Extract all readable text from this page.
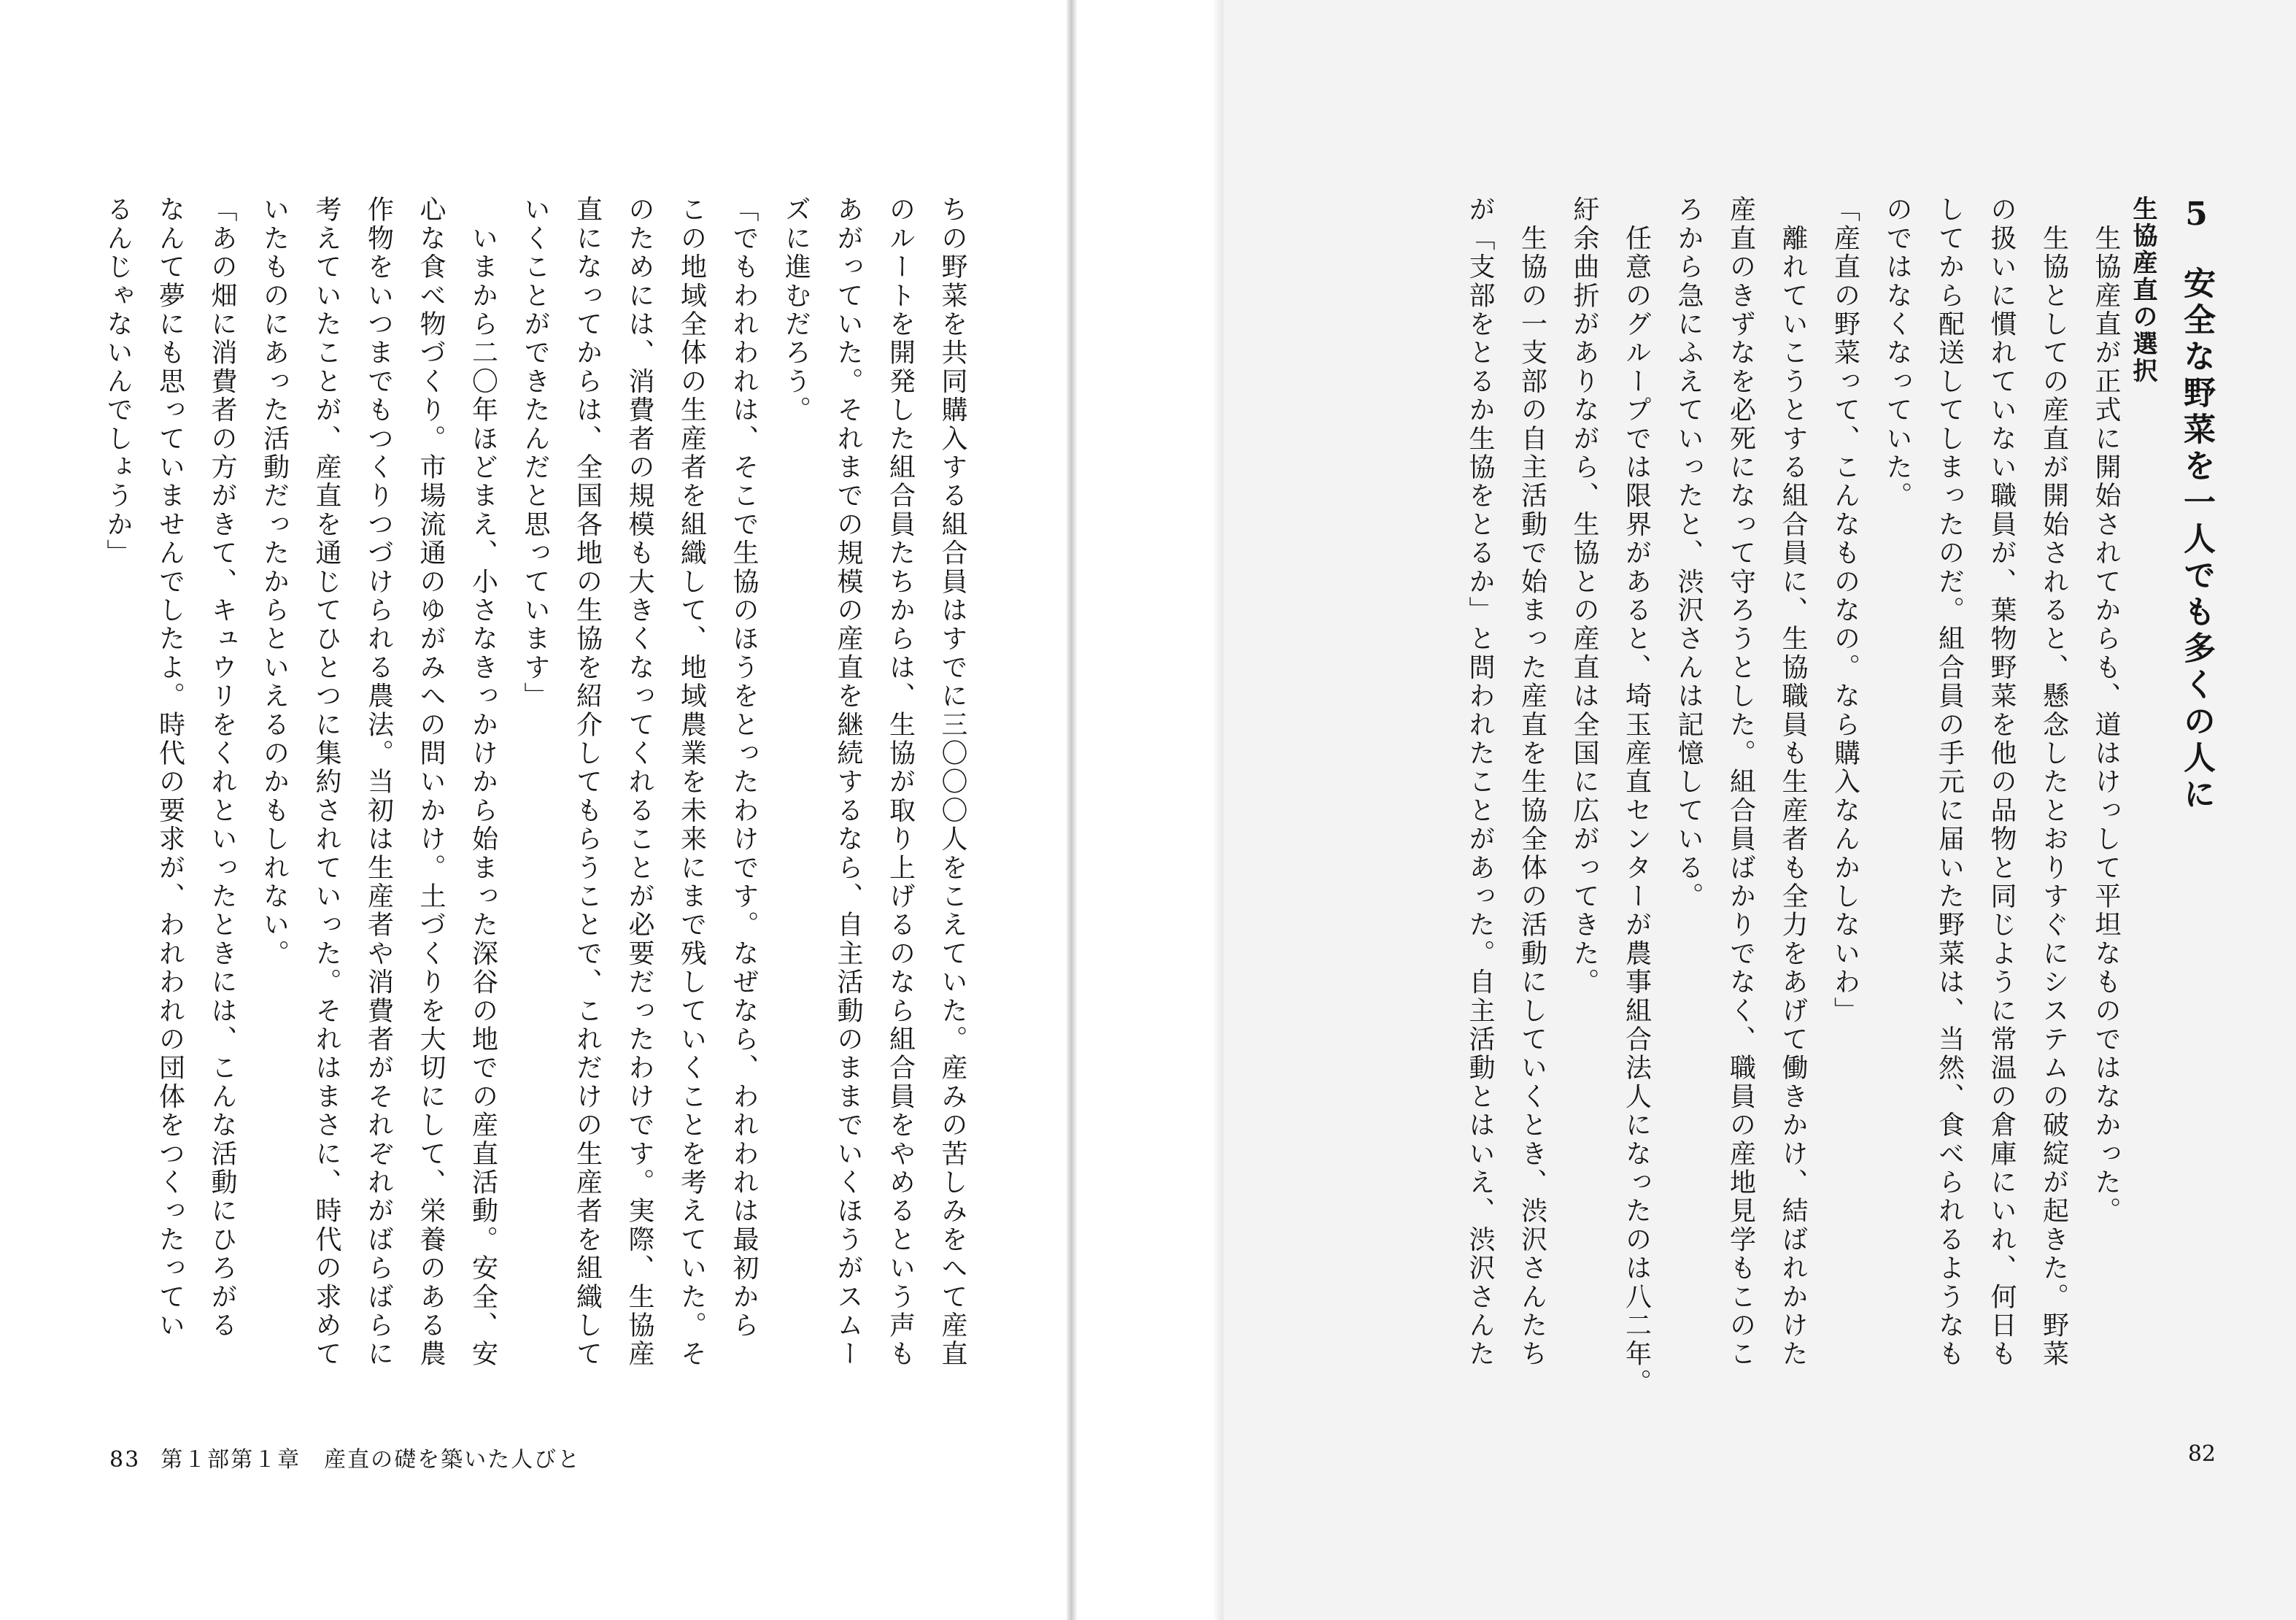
ちの野菜を共同購入する組合員はすでに三〇〇〇人をこえていた。産みの苦しみをへて産直
のルートを開発した組合員たちからは、生協が取り上げるのなら組合員をやめるという声も
あがっていた。それまでの規模の産直を継続するなら、自主活動のままでいくほうがスムー
ズに進むだろう。
「でもわれわれは、そこで生協のほうをとったわけです。なぜなら、われわれは最初から
この地域全体の生産者を組織して、地域農業を未来にまで残していくことを考えていた。そ
のためには、消費者の規模も大きくなってくれることが必要だったわけです。実際、生協産
直になってからは、全国各地の生協を紹介してもらうことで、これだけの生産者を組織して
いくことができたんだと思っています」
　いまから二〇年ほどまえ、小さなきっかけから始まった深谷の地での産直活動。安全、安
心な食べ物づくり。市場流通のゆがみへの問いかけ。土づくりを大切にして、栄養のある農
作物をいつまでもつくりつづけられる農法。当初は生産者や消費者がそれぞれがばらばらに
考えていたことが、産直を通じてひとつに集約されていった。それはまさに、時代の求めて
いたものにあった活動だったからといえるのかもしれない。
「あの畑に消費者の方がきて、キュウリをくれといったときには、こんな活動にひろがる
なんて夢にも思っていませんでしたよ。時代の要求が、われわれの団体をつくったってい
るんじゃないんでしょうか」
83 第１部第１章　産直の礎を築いた人びと
5安全な野菜を一人でも多くの人に
生協産直の選択
　生協産直が正式に開始されてからも、道はけっして平坦なものではなかった。
　生協としての産直が開始されると、懸念したとおりすぐにシステムの破綻が起きた。野菜
の扱いに慣れていない職員が、葉物野菜を他の品物と同じように常温の倉庫にいれ、何日も
してから配送してしまったのだ。組合員の手元に届いた野菜は、当然、食べられるようなも
のではなくなっていた。
「産直の野菜って、こんなものなの。なら購入なんかしないわ」
　離れていこうとする組合員に、生協職員も生産者も全力をあげて働きかけ、結ばれかけた
産直のきずなを必死になって守ろうとした。組合員ばかりでなく、職員の産地見学もこのこ
ろから急にふえていったと、渋沢さんは記憶している。
　任意のグループでは限界があると、埼玉産直センターが農事組合法人になったのは八二年。
紆余曲折がありながら、生協との産直は全国に広がってきた。
　生協の一支部の自主活動で始まった産直を生協全体の活動にしていくとき、渋沢さんたち
が「支部をとるか生協をとるか」と問われたことがあった。自主活動とはいえ、渋沢さんた
82
